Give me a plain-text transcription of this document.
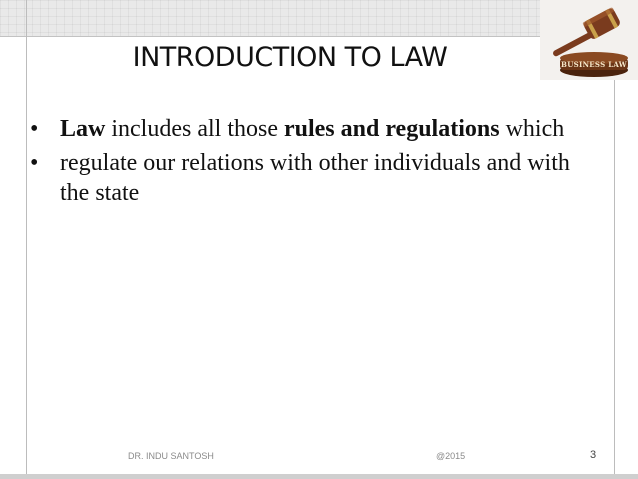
BUSINESS LAW
INTRODUCTION TO LAW
• Law includes all those rules and regulations which
• regulate our relations with other individuals and with the state
DR. INDU SANTOSH	@2015	3
